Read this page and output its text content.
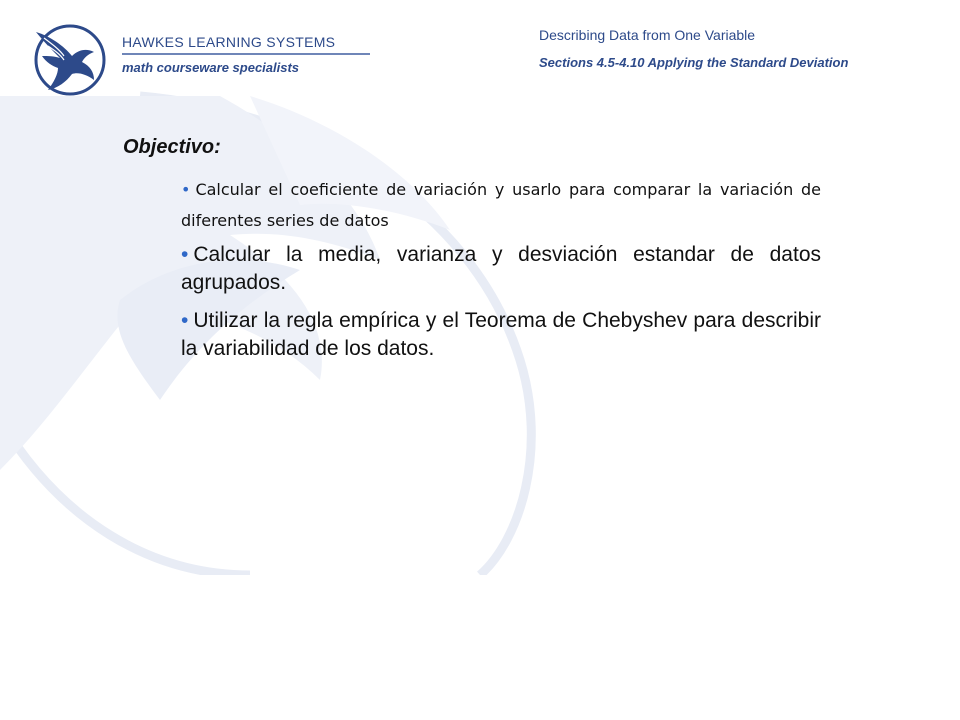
HAWKES LEARNING SYSTEMS
math courseware specialists
Describing Data from One Variable
Sections 4.5-4.10 Applying the Standard Deviation
Objectivo:
• Calcular el coeficiente de variación y usarlo para comparar la variación de diferentes series de datos
• Calcular la media, varianza y desviación estandar de datos agrupados.
• Utilizar la regla empírica y el Teorema de Chebyshev para describir la variabilidad de los datos.
